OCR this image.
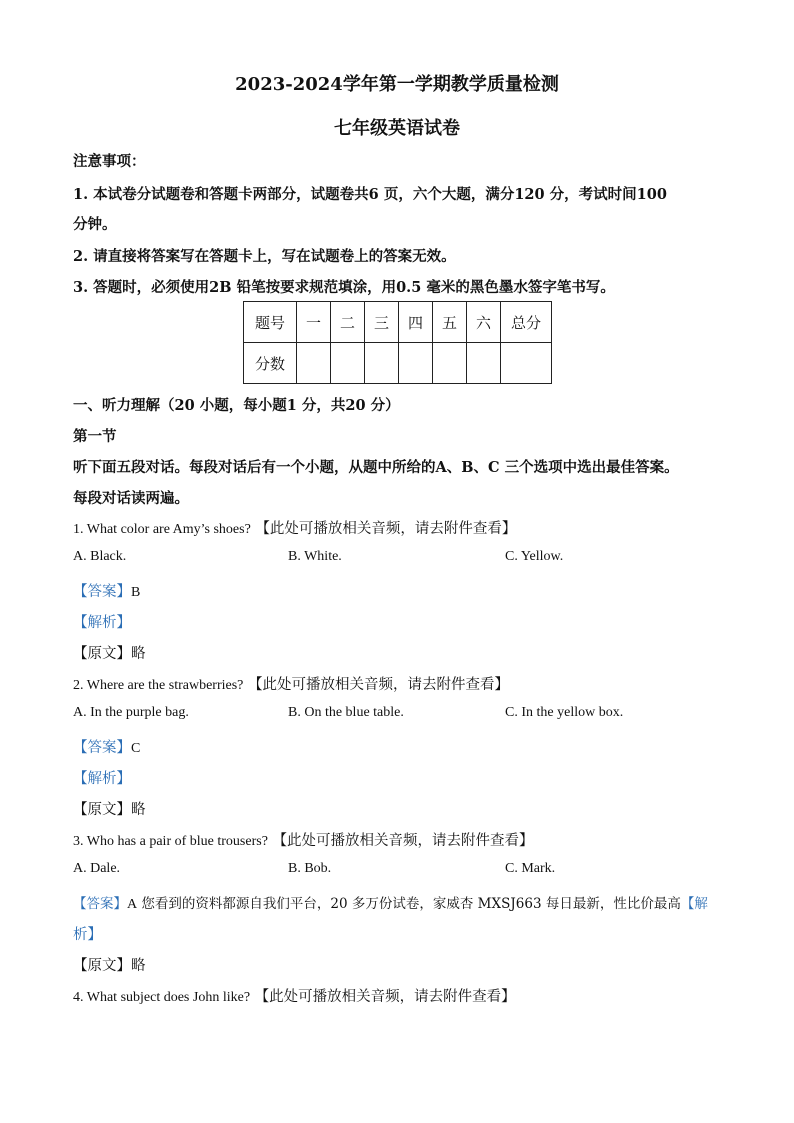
2023-2024学年第一学期教学质量检测
七年级英语试卷

注意事项：

1. 本试卷分试题卷和答题卡两部分，试题卷共6 页，六个大题，满分120 分，考试时间100

分钟。

2. 请直接将答案写在答题卡上，写在试题卷上的答案无效。

3. 答题时，必须使用2B 铅笔按要求规范填涂，用0.5 毫米的黑色墨水签字笔书写。

题号	一	二	三	四	五	六	总分
分数							

一、听力理解（20 小题，每小题1 分，共20 分）

第一节

听下面五段对话。每段对话后有一个小题，从题中所给的A、B、C 三个选项中选出最佳答案。

每段对话读两遍。

1. What color are Amy’s shoes? 【此处可播放相关音频，请去附件查看】

A. Black.	B. White.	C. Yellow.

【答案】B

【解析】

【原文】略

2. Where are the strawberries? 【此处可播放相关音频，请去附件查看】

A. In the purple bag.	B. On the blue table.	C. In the yellow box.

【答案】C

【解析】

【原文】略

3. Who has a pair of blue trousers? 【此处可播放相关音频，请去附件查看】

A. Dale.	B. Bob.	C. Mark.

【答案】A 您看到的资料都源自我们平台，20 多万份试卷，家威杏 MXSJ663 每日最新，性比价最高【解

析】

【原文】略

4. What subject does John like? 【此处可播放相关音频，请去附件查看】
